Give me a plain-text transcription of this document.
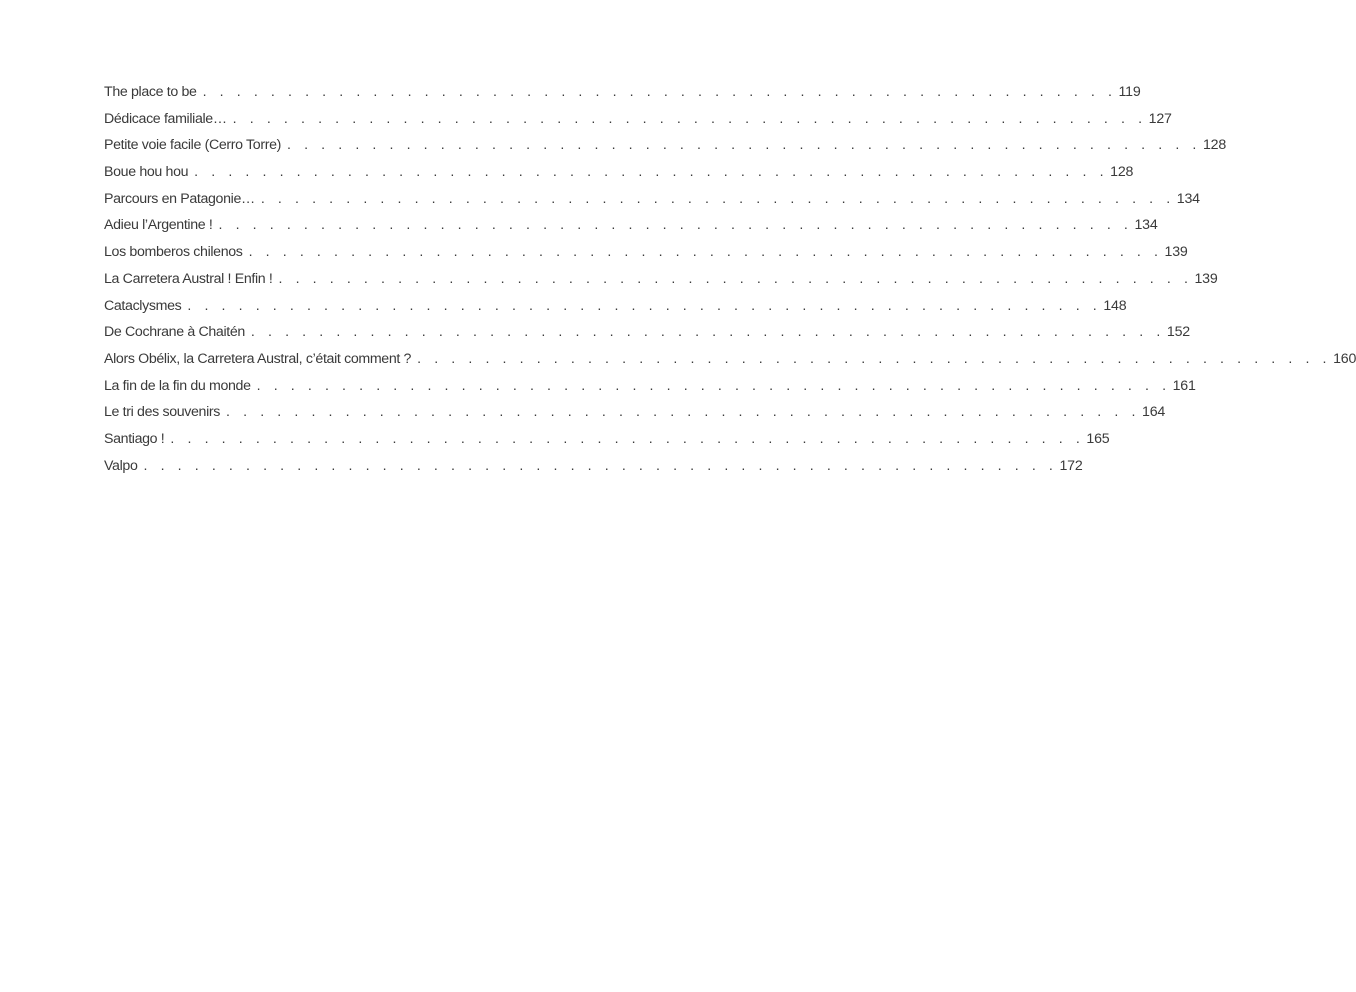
The place to be . . . . . . . . . . . . . . . . . . . . . . . . . . . . . . . . . . . . . . . . . . . . . . . . . . . . . . 119
Dédicace familiale… . . . . . . . . . . . . . . . . . . . . . . . . . . . . . . . . . . . . . . . . . . . . . . . . . . . . . . 127
Petite voie facile (Cerro Torre) . . . . . . . . . . . . . . . . . . . . . . . . . . . . . . . . . . . . . . . . . . . . . . . . . . . . . . 128
Boue hou hou . . . . . . . . . . . . . . . . . . . . . . . . . . . . . . . . . . . . . . . . . . . . . . . . . . . . . . 128
Parcours en Patagonie… . . . . . . . . . . . . . . . . . . . . . . . . . . . . . . . . . . . . . . . . . . . . . . . . . . . . . . 134
Adieu l’Argentine ! . . . . . . . . . . . . . . . . . . . . . . . . . . . . . . . . . . . . . . . . . . . . . . . . . . . . . . 134
Los bomberos chilenos . . . . . . . . . . . . . . . . . . . . . . . . . . . . . . . . . . . . . . . . . . . . . . . . . . . . . . 139
La Carretera Austral ! Enfin ! . . . . . . . . . . . . . . . . . . . . . . . . . . . . . . . . . . . . . . . . . . . . . . . . . . . . . . 139
Cataclysmes . . . . . . . . . . . . . . . . . . . . . . . . . . . . . . . . . . . . . . . . . . . . . . . . . . . . . . 148
De Cochrane à Chaitén . . . . . . . . . . . . . . . . . . . . . . . . . . . . . . . . . . . . . . . . . . . . . . . . . . . . . . 152
Alors Obélix, la Carretera Austral, c’était comment ? . . . . . . . . . . . . . . . . . . . . . . . . . . . . . . . . . . . . . . . . . . . . . . . . . . . . . . 160
La fin de la fin du monde . . . . . . . . . . . . . . . . . . . . . . . . . . . . . . . . . . . . . . . . . . . . . . . . . . . . . . 161
Le tri des souvenirs . . . . . . . . . . . . . . . . . . . . . . . . . . . . . . . . . . . . . . . . . . . . . . . . . . . . . . 164
Santiago ! . . . . . . . . . . . . . . . . . . . . . . . . . . . . . . . . . . . . . . . . . . . . . . . . . . . . . . 165
Valpo . . . . . . . . . . . . . . . . . . . . . . . . . . . . . . . . . . . . . . . . . . . . . . . . . . . . . . 172
